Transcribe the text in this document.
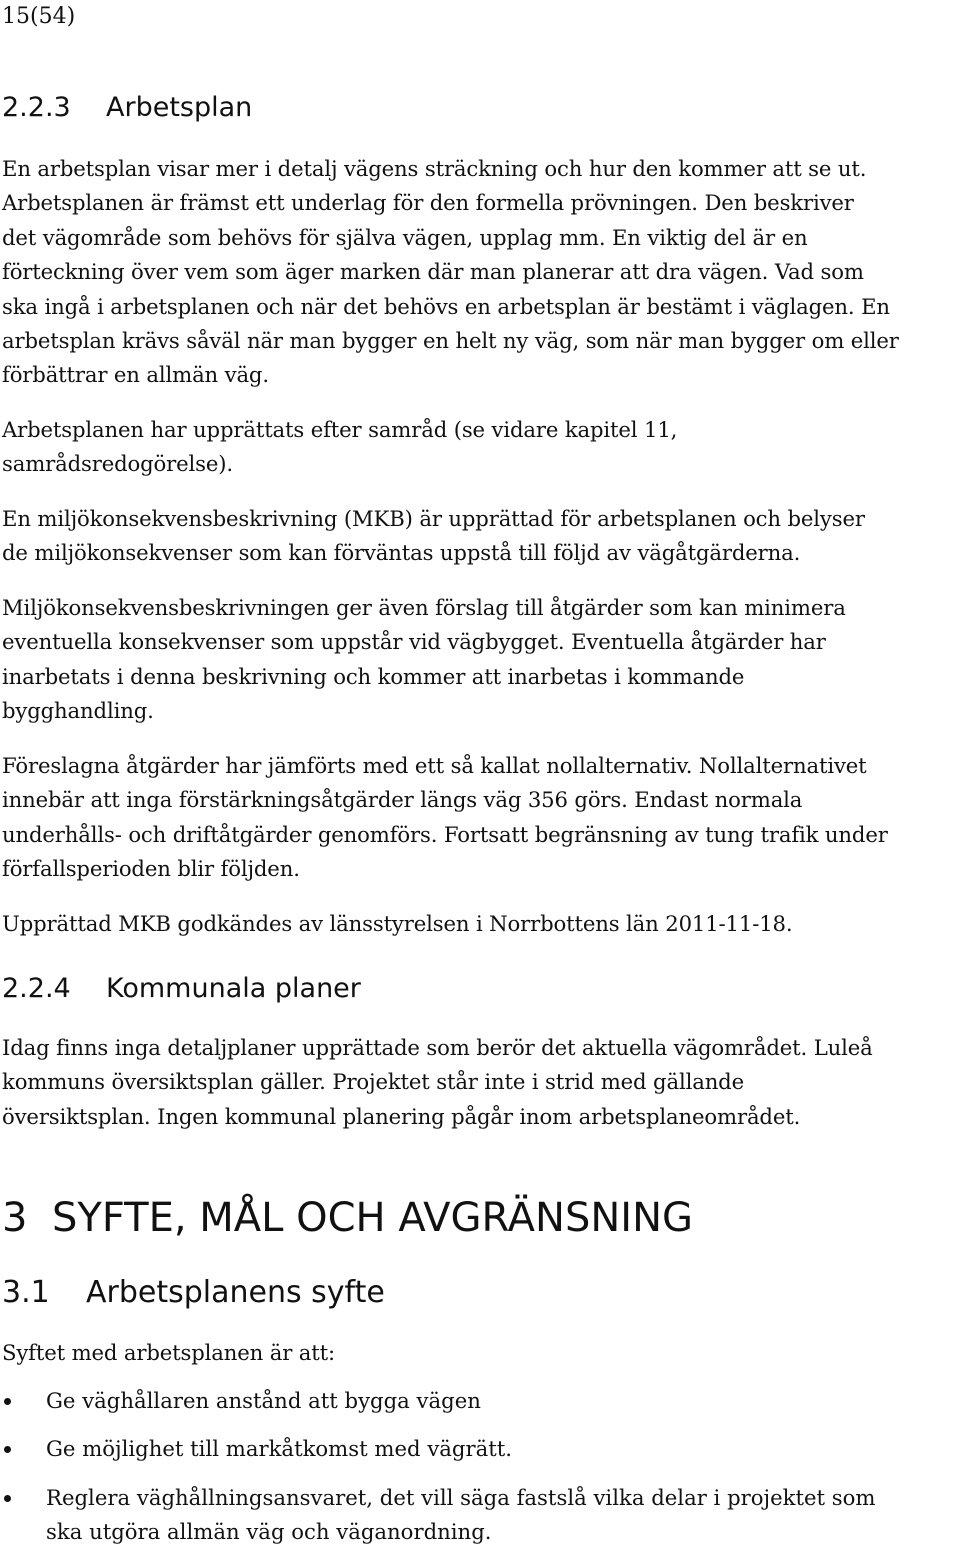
15(54)
2.2.3 Arbetsplan
En arbetsplan visar mer i detalj vägens sträckning och hur den kommer att se ut.
Arbetsplanen är främst ett underlag för den formella prövningen. Den beskriver
det vägområde som behövs för själva vägen, upplag mm. En viktig del är en
förteckning över vem som äger marken där man planerar att dra vägen. Vad som
ska ingå i arbetsplanen och när det behövs en arbetsplan är bestämt i väglagen. En
arbetsplan krävs såväl när man bygger en helt ny väg, som när man bygger om eller
förbättrar en allmän väg.
Arbetsplanen har upprättats efter samråd (se vidare kapitel 11,
samrådsredogörelse).
En miljökonsekvensbeskrivning (MKB) är upprättad för arbetsplanen och belyser
de miljökonsekvenser som kan förväntas uppstå till följd av vägåtgärderna.
Miljökonsekvensbeskrivningen ger även förslag till åtgärder som kan minimera
eventuella konsekvenser som uppstår vid vägbygget. Eventuella åtgärder har
inarbetats i denna beskrivning och kommer att inarbetas i kommande
bygghandling.
Föreslagna åtgärder har jämförts med ett så kallat nollalternativ. Nollalternativet
innebär att inga förstärkningsåtgärder längs väg 356 görs. Endast normala
underhålls- och driftåtgärder genomförs. Fortsatt begränsning av tung trafik under
förfallsperioden blir följden.
Upprättad MKB godkändes av länsstyrelsen i Norrbottens län 2011-11-18.
2.2.4 Kommunala planer
Idag finns inga detaljplaner upprättade som berör det aktuella vägområdet. Luleå
kommuns översiktsplan gäller. Projektet står inte i strid med gällande
översiktsplan. Ingen kommunal planering pågår inom arbetsplaneområdet.
3 SYFTE, MÅL OCH AVGRÄNSNING
3.1 Arbetsplanens syfte
Syftet med arbetsplanen är att:
Ge väghållaren anstånd att bygga vägen
Ge möjlighet till markåtkomst med vägrätt.
Reglera väghållningsansvaret, det vill säga fastslå vilka delar i projektet som
ska utgöra allmän väg och väganordning.
